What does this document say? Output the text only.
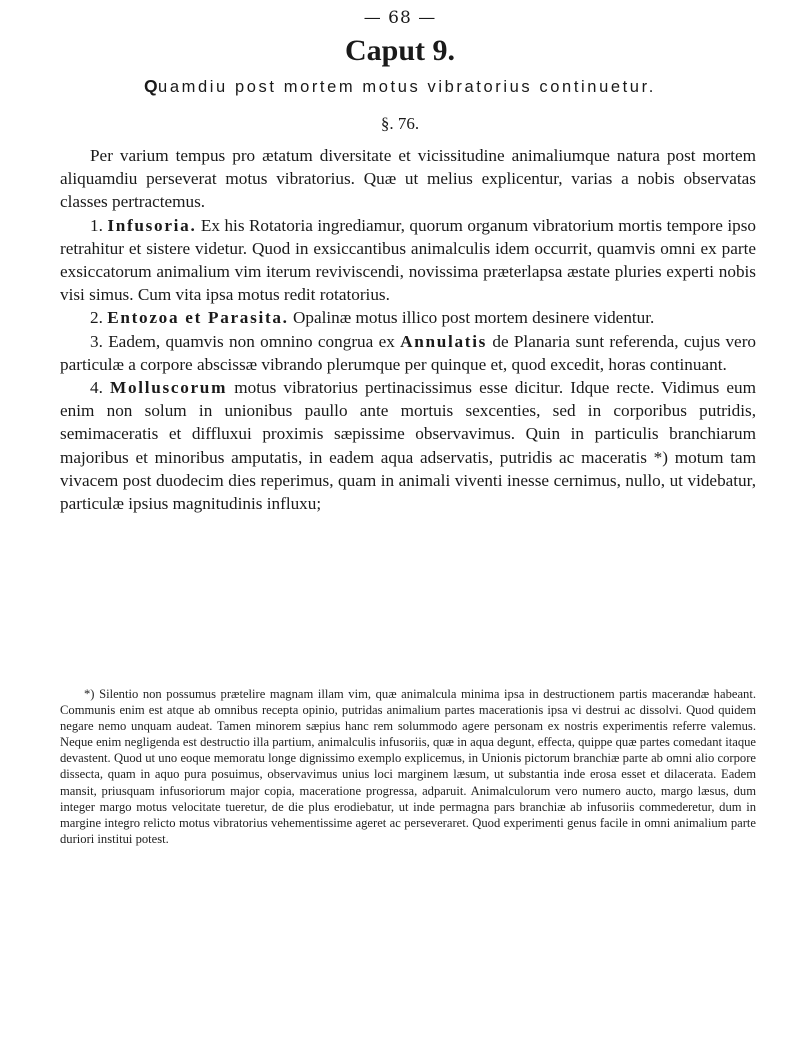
— 68 —
Caput 9.
Quamdiu post mortem motus vibratorius continuetur.
§. 76.

Per varium tempus pro ætatum diversitate et vicissitudine animaliumque natura post mortem aliquamdiu perseverat motus vibratorius. Quæ ut melius explicentur, varias a nobis observatas classes pertractemus.

1. Infusoria. Ex his Rotatoria ingrediamur, quorum organum vibratorium mortis tempore ipso retrahitur et sistere videtur. Quod in exsiccantibus animalculis idem occurrit, quamvis omni ex parte exsiccatorum animalium vim iterum reviviscendi, novissima præterlapsa æstate pluries experti nobis visi simus. Cum vita ipsa motus redit rotatorius.

2. Entozoa et Parasita. Opalinæ motus illico post mortem desinere videntur.

3. Eadem, quamvis non omnino congrua ex Annulatis de Planaria sunt referenda, cujus vero particulæ a corpore abscissæ vibrando plerumque per quinque et, quod excedit, horas continuant.

4. Molluscorum motus vibratorius pertinacissimus esse dicitur. Idque recte. Vidimus eum enim non solum in unionibus paullo ante mortuis sexcenties, sed in corporibus putridis, semimaceratis et diffluxui proximis sæpissime observavimus. Quin in particulis branchiarum majoribus et minoribus amputatis, in eadem aqua adservatis, putridis ac maceratis *) motum tam vivacem post duodecim dies reperimus, quam in animali viventi inesse cernimus, nullo, ut videbatur, particulæ ipsius magnitudinis influxu;

*) Silentio non possumus prætelire magnam illam vim, quæ animalcula minima ipsa in destructionem partis macerandæ habeant. Communis enim est atque ab omnibus recepta opinio, putridas animalium partes macerationis ipsa vi destrui ac dissolvi. Quod quidem negare nemo unquam audeat. Tamen minorem sæpius hanc rem solummodo agere personam ex nostris experimentis referre valemus. Neque enim negligenda est destructio illa partium, animalculis infusoriis, quæ in aqua degunt, effecta, quippe quæ partes comedant itaque devastent. Quod ut uno eoque memoratu longe dignissimo exemplo explicemus, in Unionis pictorum branchiæ parte ab omni alio corpore dissecta, quam in aquo pura posuimus, observavimus unius loci marginem læsum, ut substantia inde erosa esset et dilacerata. Eadem mansit, priusquam infusoriorum major copia, maceratione progressa, adparuit. Animalculorum vero numero aucto, margo læsus, dum integer margo motus velocitate tueretur, de die plus erodiebatur, ut inde permagna pars branchiæ ab infusoriis commederetur, dum in margine integro relicto motus vibratorius vehementissime ageret ac perseveraret. Quod experimenti genus facile in omni animalium parte duriori institui potest.
